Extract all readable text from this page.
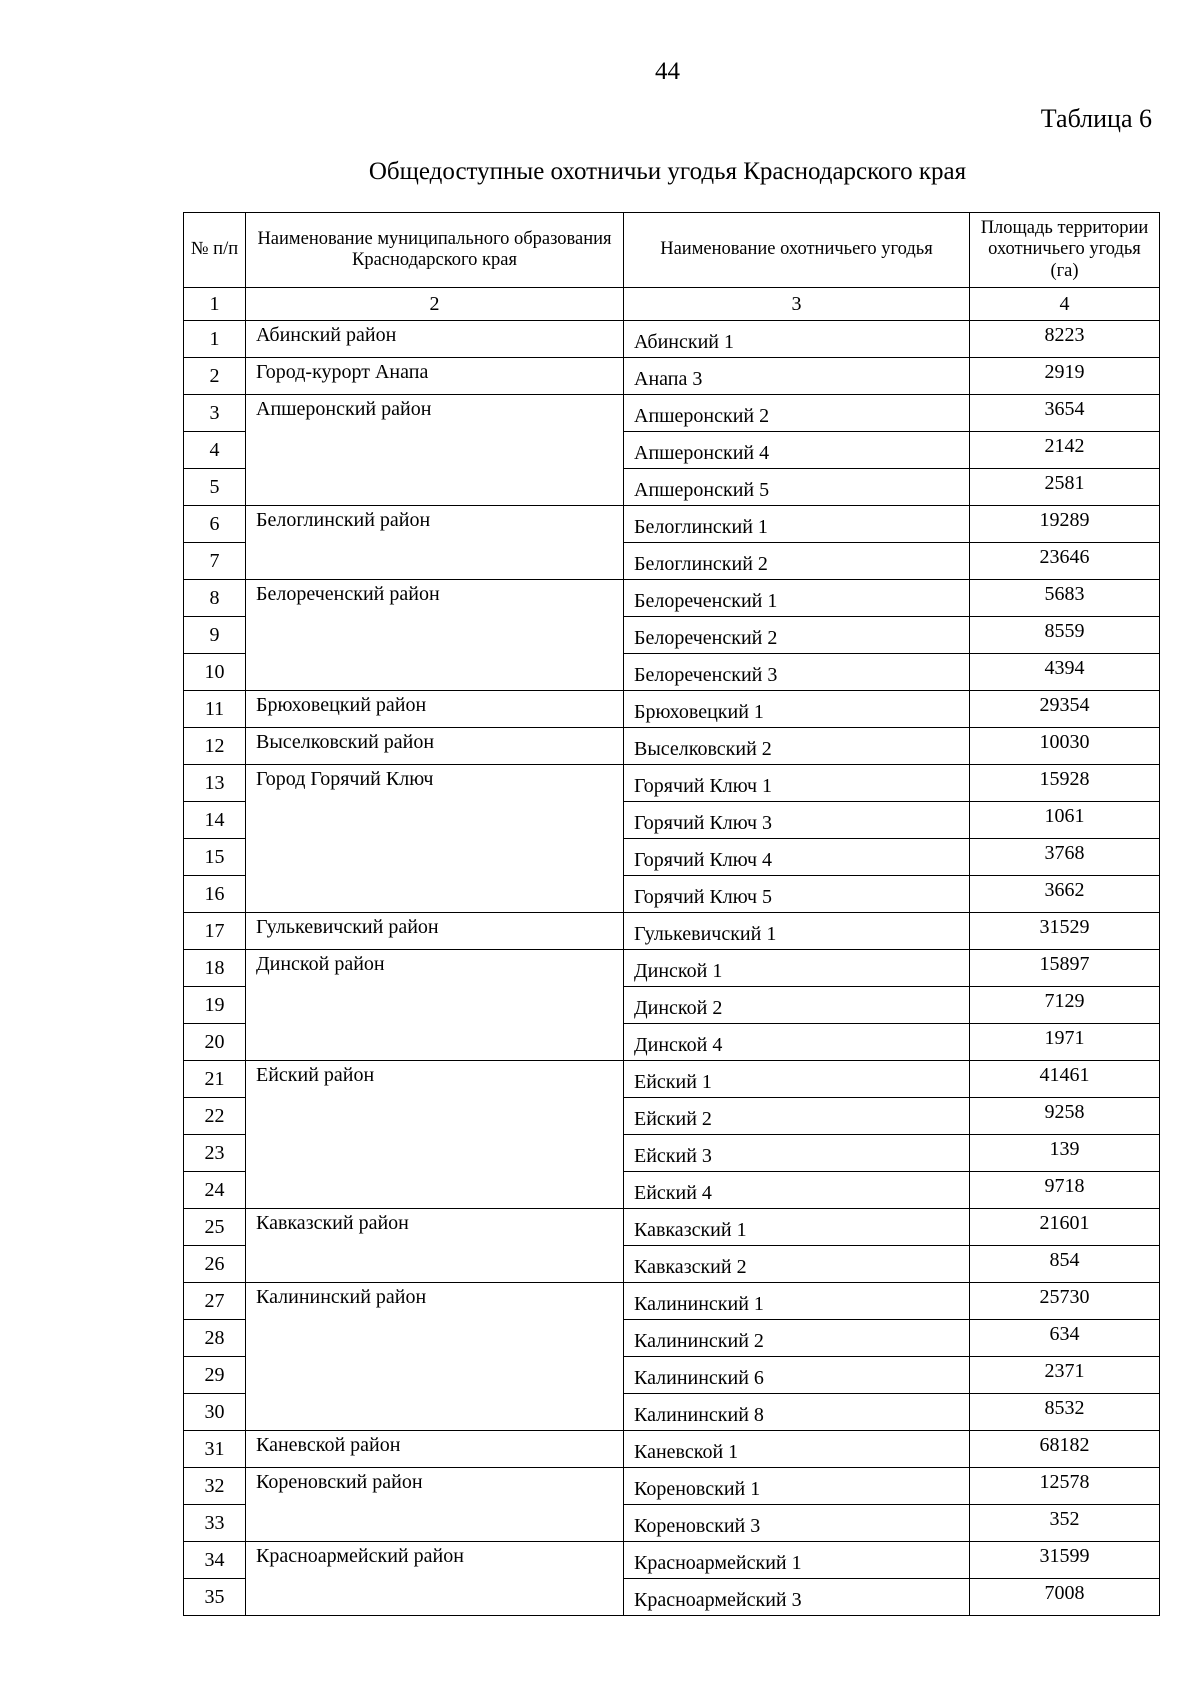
44
Таблица 6
Общедоступные охотничьи угодья Краснодарского края
№ п/п	Наименование муниципального образования Краснодарского края	Наименование охотничьего угодья	Площадь территории охотничьего угодья (га)
1	2	3	4
1	Абинский район	Абинский 1	8223
2	Город-курорт Анапа	Анапа 3	2919
3	Апшеронский район	Апшеронский 2	3654
4		Апшеронский 4	2142
5		Апшеронский 5	2581
6	Белоглинский район	Белоглинский 1	19289
7		Белоглинский 2	23646
8	Белореченский район	Белореченский 1	5683
9		Белореченский 2	8559
10		Белореченский 3	4394
11	Брюховецкий район	Брюховецкий 1	29354
12	Выселковский район	Выселковский 2	10030
13	Город Горячий Ключ	Горячий Ключ 1	15928
14		Горячий Ключ 3	1061
15		Горячий Ключ 4	3768
16		Горячий Ключ 5	3662
17	Гулькевичский район	Гулькевичский 1	31529
18	Динской район	Динской 1	15897
19		Динской 2	7129
20		Динской 4	1971
21	Ейский район	Ейский 1	41461
22		Ейский 2	9258
23		Ейский 3	139
24		Ейский 4	9718
25	Кавказский район	Кавказский 1	21601
26		Кавказский 2	854
27	Калининский район	Калининский 1	25730
28		Калининский 2	634
29		Калининский 6	2371
30		Калининский 8	8532
31	Каневской район	Каневской 1	68182
32	Кореновский район	Кореновский 1	12578
33		Кореновский 3	352
34	Красноармейский район	Красноармейский 1	31599
35		Красноармейский 3	7008
